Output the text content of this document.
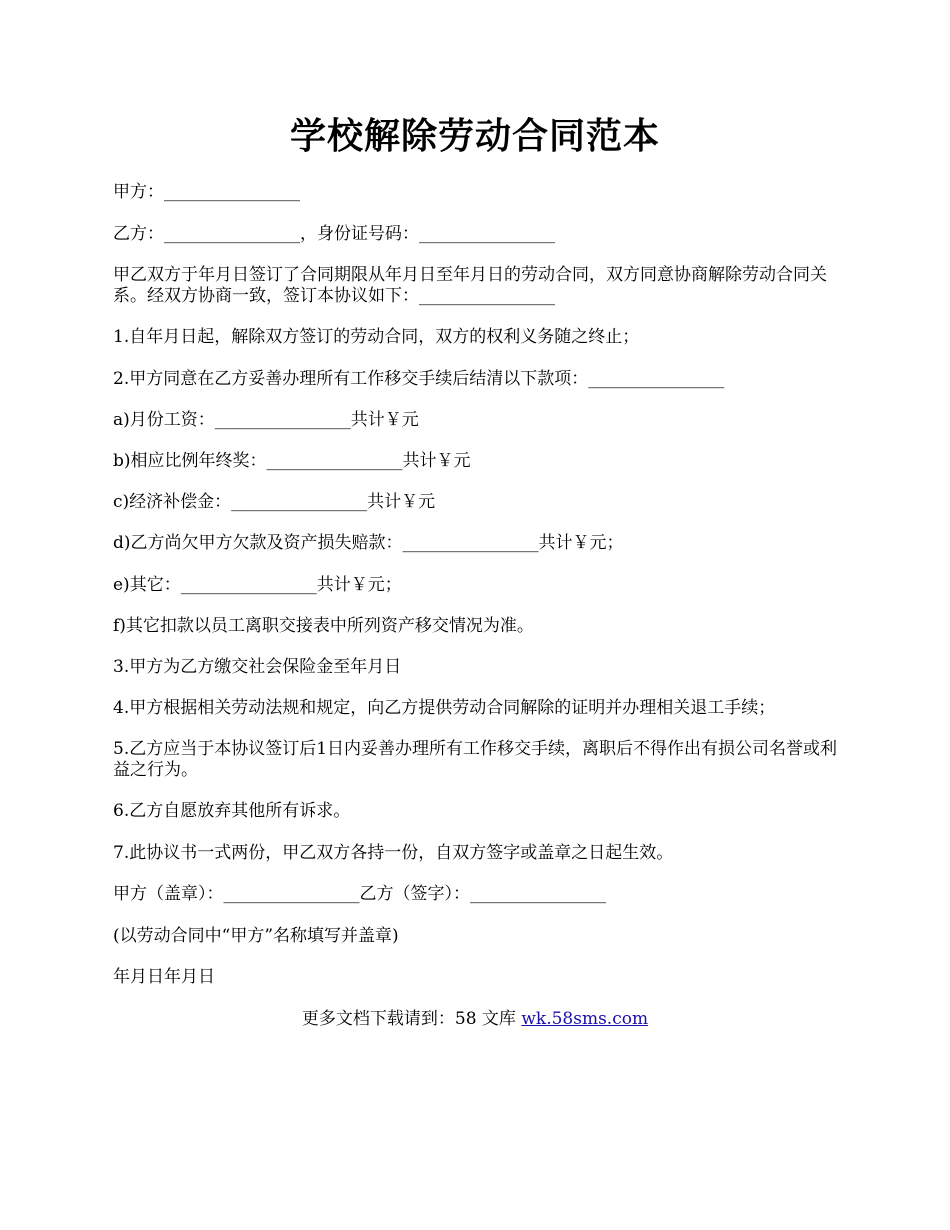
学校解除劳动合同范本
甲方：________________
乙方：________________，身份证号码：________________
甲乙双方于年月日签订了合同期限从年月日至年月日的劳动合同，双方同意协商解除劳动合同关系。经双方协商一致，签订本协议如下：________________
1.自年月日起，解除双方签订的劳动合同，双方的权利义务随之终止；
2.甲方同意在乙方妥善办理所有工作移交手续后结清以下款项：________________
a)月份工资：________________共计￥元
b)相应比例年终奖：________________共计￥元
c)经济补偿金：________________共计￥元
d)乙方尚欠甲方欠款及资产损失赔款：________________共计￥元；
e)其它：________________共计￥元；
f)其它扣款以员工离职交接表中所列资产移交情况为准。
3.甲方为乙方缴交社会保险金至年月日
4.甲方根据相关劳动法规和规定，向乙方提供劳动合同解除的证明并办理相关退工手续；
5.乙方应当于本协议签订后1日内妥善办理所有工作移交手续，离职后不得作出有损公司名誉或利益之行为。
6.乙方自愿放弃其他所有诉求。
7.此协议书一式两份，甲乙双方各持一份，自双方签字或盖章之日起生效。
甲方（盖章）：________________乙方（签字）：________________
(以劳动合同中“甲方”名称填写并盖章)
年月日年月日
更多文档下载请到：58 文库 wk.58sms.com
